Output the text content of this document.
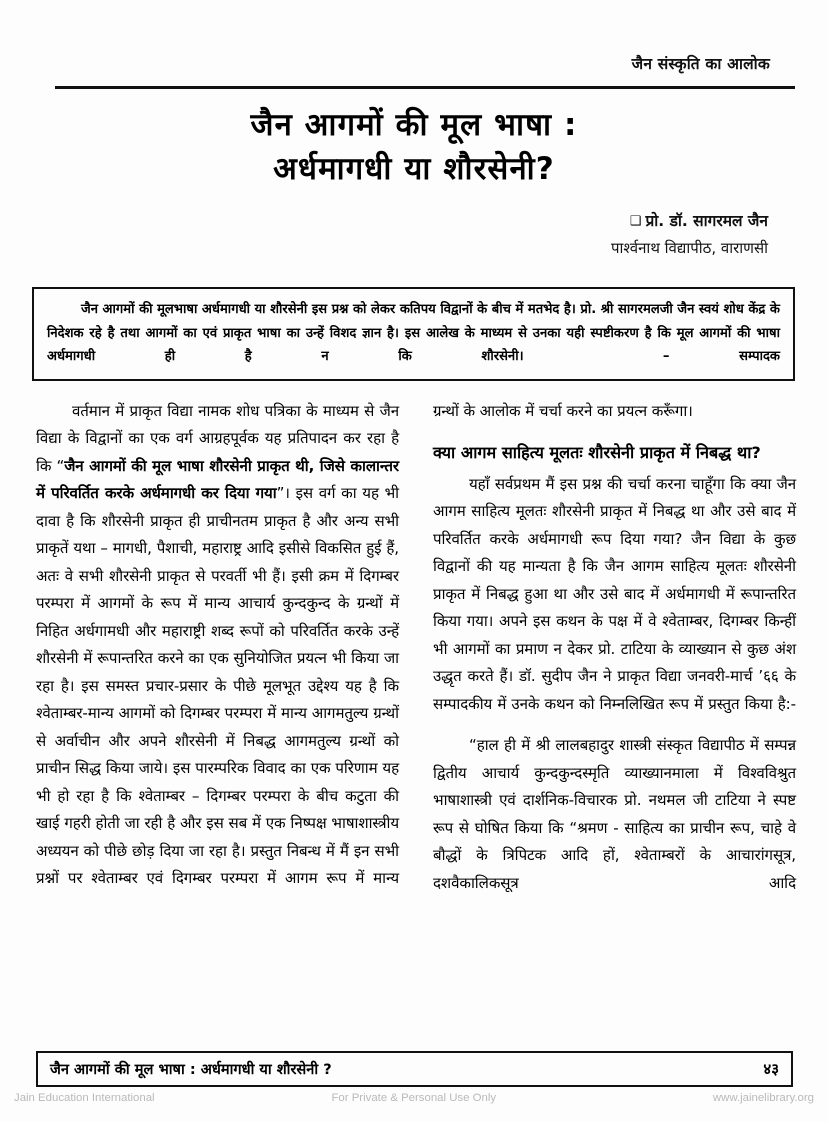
जैन संस्कृति का आलोक
जैन आगमों की मूल भाषा :
अर्धमागधी या शौरसेनी?
❑ प्रो. डॉ. सागरमल जैन
पार्श्वनाथ विद्यापीठ, वाराणसी

जैन आगमों की मूलभाषा अर्धमागधी या शौरसेनी इस प्रश्न को लेकर कतिपय विद्वानों के बीच में मतभेद है। प्रो. श्री सागरमलजी जैन स्वयं शोध केंद्र के निदेशक रहे है तथा आगमों का एवं प्राकृत भाषा का उन्हें विशद ज्ञान है। इस आलेख के माध्यम से उनका यही स्पष्टीकरण है कि मूल आगमों की भाषा अर्धमागधी ही है न कि शौरसेनी।	– सम्पादक

वर्तमान में प्राकृत विद्या नामक शोध पत्रिका के माध्यम से जैन विद्या के विद्वानों का एक वर्ग आग्रहपूर्वक यह प्रतिपादन कर रहा है कि “जैन आगमों की मूल भाषा शौरसेनी प्राकृत थी, जिसे कालान्तर में परिवर्तित करके अर्धमागधी कर दिया गया”। इस वर्ग का यह भी दावा है कि शौरसेनी प्राकृत ही प्राचीनतम प्राकृत है और अन्य सभी प्राकृतें यथा – मागधी, पैशाची, महाराष्ट्र आदि इसीसे विकसित हुई हैं, अतः वे सभी शौरसेनी प्राकृत से परवर्ती भी हैं। इसी क्रम में दिगम्बर परम्परा में आगमों के रूप में मान्य आचार्य कुन्दकुन्द के ग्रन्थों में निहित अर्धगामधी और महाराष्ट्री शब्द रूपों को परिवर्तित करके उन्हें शौरसेनी में रूपान्तरित करने का एक सुनियोजित प्रयत्न भी किया जा रहा है। इस समस्त प्रचार-प्रसार के पीछे मूलभूत उद्देश्य यह है कि श्वेताम्बर-मान्य आगमों को दिगम्बर परम्परा में मान्य आगमतुल्य ग्रन्थों से अर्वाचीन और अपने शौरसेनी में निबद्ध आगमतुल्य ग्रन्थों को प्राचीन सिद्ध किया जाये। इस पारम्परिक विवाद का एक परिणाम यह भी हो रहा है कि श्वेताम्बर – दिगम्बर परम्परा के बीच कटुता की खाई गहरी होती जा रही है और इस सब में एक निष्पक्ष भाषाशास्त्रीय अध्ययन को पीछे छोड़ दिया जा रहा है। प्रस्तुत निबन्ध में मैं इन सभी प्रश्नों पर श्वेताम्बर एवं दिगम्बर परम्परा में आगम रूप में मान्य

ग्रन्थों के आलोक में चर्चा करने का प्रयत्न करूँगा।

क्या आगम साहित्य मूलतः शौरसेनी प्राकृत में निबद्ध था?

यहाँ सर्वप्रथम मैं इस प्रश्न की चर्चा करना चाहूँगा कि क्या जैन आगम साहित्य मूलतः शौरसेनी प्राकृत में निबद्ध था और उसे बाद में परिवर्तित करके अर्धमागधी रूप दिया गया? जैन विद्या के कुछ विद्वानों की यह मान्यता है कि जैन आगम साहित्य मूलतः शौरसेनी प्राकृत में निबद्ध हुआ था और उसे बाद में अर्धमागधी में रूपान्तरित किया गया। अपने इस कथन के पक्ष में वे श्वेताम्बर, दिगम्बर किन्हीं भी आगमों का प्रमाण न देकर प्रो. टाटिया के व्याख्यान से कुछ अंश उद्धृत करते हैं। डॉ. सुदीप जैन ने प्राकृत विद्या जनवरी-मार्च ’६६ के सम्पादकीय में उनके कथन को निम्नलिखित रूप में प्रस्तुत किया है:-

“हाल ही में श्री लालबहादुर शास्त्री संस्कृत विद्यापीठ में सम्पन्न द्वितीय आचार्य कुन्दकुन्दस्मृति व्याख्यानमाला में विश्वविश्रुत भाषाशास्त्री एवं दार्शनिक-विचारक प्रो. नथमल जी टाटिया ने स्पष्ट रूप से घोषित किया कि “श्रमण - साहित्य का प्राचीन रूप, चाहे वे बौद्धों के त्रिपिटक आदि हों, श्वेताम्बरों के आचारांगसूत्र, दशवैकालिकसूत्र आदि

जैन आगमों की मूल भाषा : अर्धमागधी या शौरसेनी ?	४३
Jain Education International	For Private & Personal Use Only	www.jainelibrary.org
